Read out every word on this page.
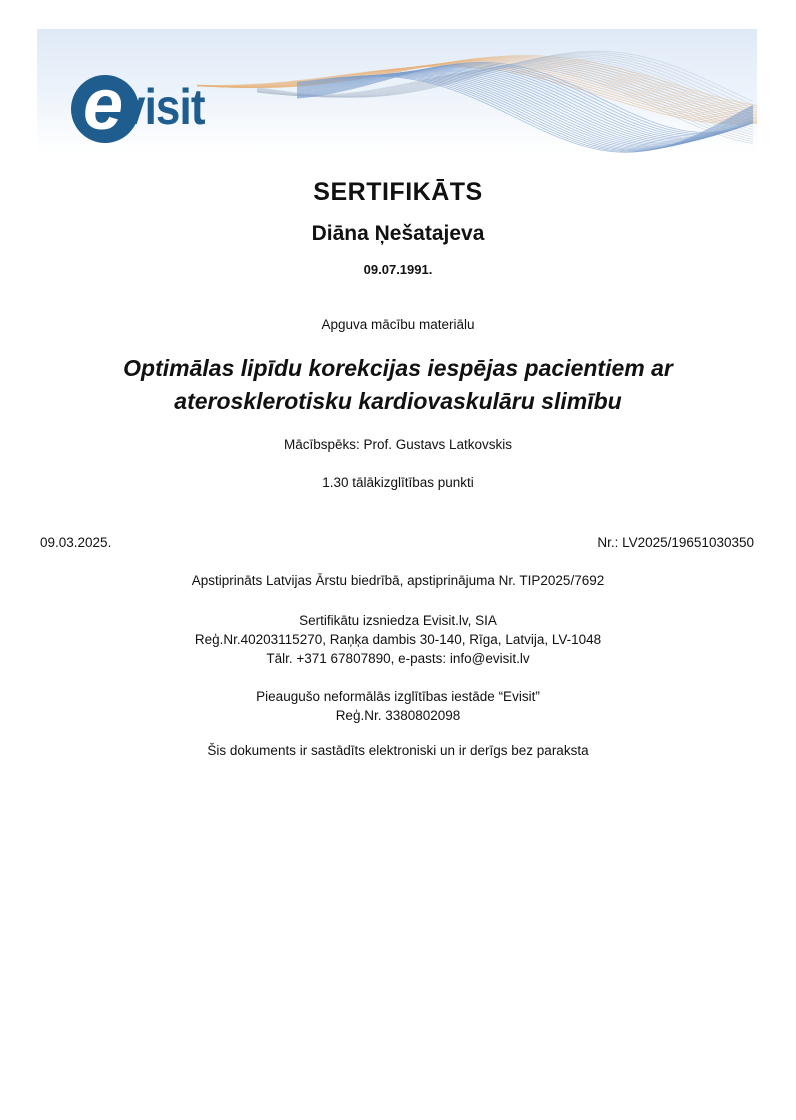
e
visit
SERTIFIKĀTS
Diāna Ņešatajeva
09.07.1991.
Apguva mācību materiālu
Optimālas lipīdu korekcijas iespējas pacientiem ar
aterosklerotisku kardiovaskulāru slimību
Mācībspēks: Prof. Gustavs Latkovskis
1.30 tālākizglītības punkti
09.03.2025.	Nr.: LV2025/19651030350
Apstiprināts Latvijas Ārstu biedrībā, apstiprinājuma Nr. TIP2025/7692
Sertifikātu izsniedza Evisit.lv, SIA
Reģ.Nr.40203115270, Raņķa dambis 30-140, Rīga, Latvija, LV-1048
Tālr. +371 67807890, e-pasts: info@evisit.lv
Pieaugušo neformālās izglītības iestāde “Evisit”
Reģ.Nr. 3380802098
Šis dokuments ir sastādīts elektroniski un ir derīgs bez paraksta
